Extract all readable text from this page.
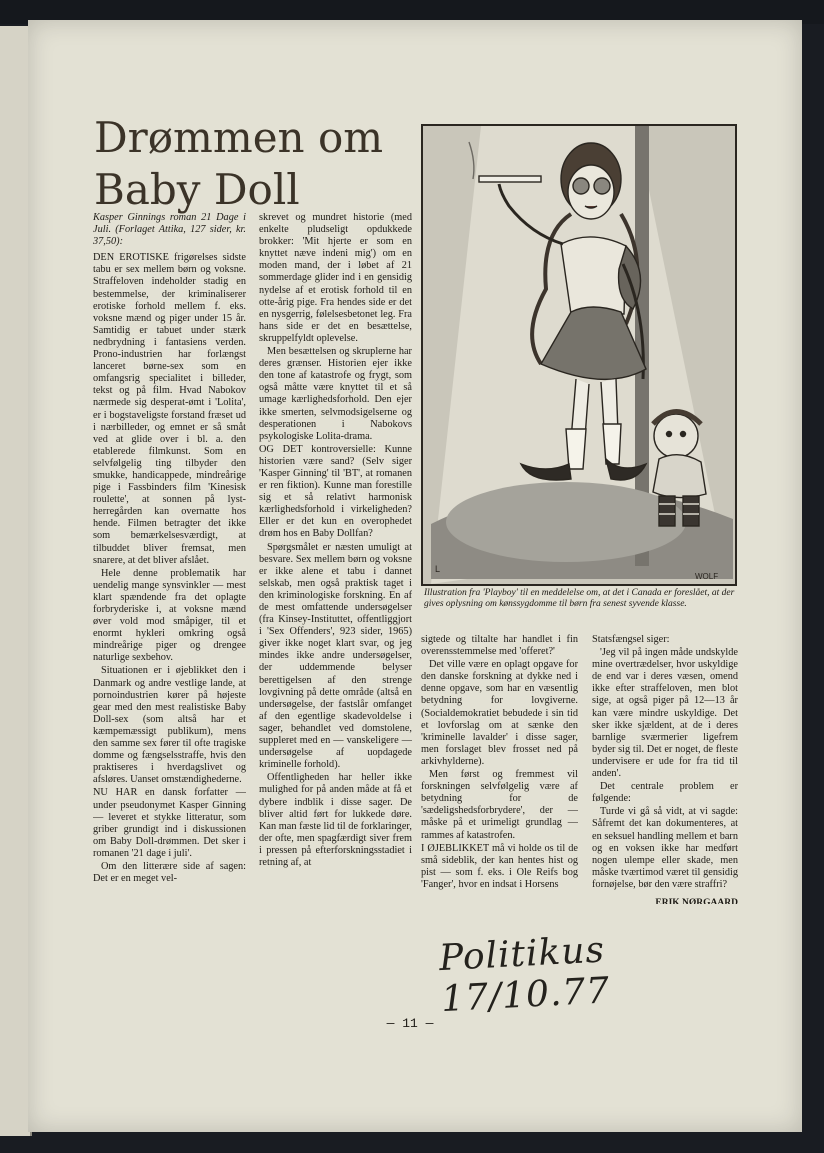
Drømmen om Baby Doll

Kasper Ginnings roman 21 Dage i Juli. (Forlaget Attika, 127 sider, kr. 37,50):

DEN EROTISKE frigørelses sidste tabu er sex mellem børn og voksne. Straffeloven indeholder stadig en bestemmelse, der kriminaliserer erotiske forhold mellem f. eks. voksne mænd og piger under 15 år. Samtidig er tabuet under stærk nedbrydning i fantasiens verden. Prono-industrien har forlængst lanceret børne-sex som en omfangsrig specialitet i billeder, tekst og på film. Hvad Nabokov nærmede sig desperat-ømt i 'Lolita', er i bogstaveligste forstand fræset ud i nærbilleder, og emnet er så småt ved at glide over i bl. a. den etablerede filmkunst. Som en selvfølgelig ting tilbyder den smukke, handicappede, mindreårige pige i Fassbinders film 'Kinesisk roulette', at sonnen på lyst-herregården kan overnatte hos hende. Filmen betragter det ikke som bemærkelsesværdigt, at tilbuddet bliver fremsat, men snarere, at det bliver afslået.

Hele denne problematik har uendelig mange synsvinkler — mest klart spændende fra det oplagte forbryderiske i, at voksne mænd øver vold mod småpiger, til et enormt hykleri omkring også mindreårige piger og drengeе naturlige sexbehov.

Situationen er i øjeblikket den i Danmark og andre vestlige lande, at pornoindustrien kører på højeste gear med den mest realistiske Baby Doll-sex (som altså har et kæmpemæssigt publikum), mens den samme sex fører til ofte tragiske domme og fængselsstraffe, hvis den praktiseres i hverdagslivet og afsløres. Uanset omstændighederne.

NU HAR en dansk forfatter — under pseudonymet Kasper Ginning — leveret et stykke litteratur, som griber grundigt ind i diskussionen om Baby Doll-drømmen. Det sker i romanen '21 dage i juli'.

Om den litterære side af sagen: Det er en meget vel-

skrevet og mundret historie (med enkelte pludseligt opdukkede brokker: 'Mit hjerte er som en knyttet næve indeni mig') om en moden mand, der i løbet af 21 sommerdage glider ind i en gensidig nydelse af et erotisk forhold til en otte-årig pige. Fra hendes side er det en nysgerrig, følelsesbetonet leg. Fra hans side er det en besættelse, skruppelfyldt oplevelse.

Men besættelsen og skruplerne har deres grænser. Historien ejer ikke den tone af katastrofe og frygt, som også måtte være knyttet til et så umage kærlighedsforhold. Den ejer ikke smerten, selvmodsigelserne og desperationen i Nabokovs psykologiske Lolita-drama.

OG DET kontroversielle: Kunne historien være sand? (Selv siger 'Kasper Ginning' til 'BT', at romanen er ren fiktion). Kunne man forestille sig et så relativt harmonisk kærlighedsforhold i virkeligheden? Eller er det kun en overophedet drøm hos en Baby Dollfan?

Spørgsmålet er næsten umuligt at besvare. Sex mellem børn og voksne er ikke alene et tabu i dannet selskab, men også praktisk taget i den kriminologiske forskning. En af de mest omfattende undersøgelser (fra Kinsey-Instituttet, offentliggjort i 'Sex Offenders', 923 sider, 1965) giver ikke noget klart svar, og jeg mindes ikke andre undersøgelser, der uddemmende belyser berettigelsen af den strenge lovgivning på dette område (altså en undersøgelse, der fastslår omfanget af den egentlige skadevoldelse i sager, behandlet ved domstolene, suppleret med en — vanskeligere — undersøgelse af uopdagede kriminelle forhold).

Offentligheden har heller ikke mulighed for på anden måde at få et dybere indblik i disse sager. De bliver altid ført for lukkede døre. Kan man fæste lid til de forklaringer, der ofte, men spagfærdigt siver frem i pressen på efterforskningsstadiet i retning af, at

L
WOLF

Illustration fra 'Playboy' til en meddelelse om, at det i Canada er foreslået, at der gives oplysning om kønssygdomme til børn fra senest syvende klasse.

sigtede og tiltalte har handlet i fin overensstemmelse med 'offeret?'

Det ville være en oplagt opgave for den danske forskning at dykke ned i denne opgave, som har en væsentlig betydning for lovgiverne. (Socialdemokratiet bebudede i sin tid et lovforslag om at sænke den 'kriminelle lavalder' i disse sager, men forslaget blev frosset ned på arkivhylderne).

Men først og fremmest vil forskningen selvfølgelig være af betydning for de 'sædeligshedsforbrydere', der — måske på et urimeligt grundlag — rammes af katastrofen.

I ØJEBLIKKET må vi holde os til de små sideblik, der kan hentes hist og pist — som f. eks. i Ole Reifs bog 'Fanger', hvor en indsat i Horsens

Statsfængsel siger:

'Jeg vil på ingen måde undskylde mine overtrædelser, hvor uskyldige de end var i deres væsen, omend ikke efter straffeloven, men blot sige, at også piger på 12—13 år kan være mindre uskyldige. Det sker ikke sjældent, at de i deres barnlige sværmerier ligefrem byder sig til. Det er noget, de fleste undervisere er ude for fra tid til anden'.

Det centrale problem er følgende:

Turde vi gå så vidt, at vi sagde: Såfremt det kan dokumenteres, at en seksuel handling mellem et barn og en voksen ikke har medført nogen ulempe eller skade, men måske tværtimod været til gensidig fornøjelse, bør den være straffri?

ERIK NØRGAARD

Politikus 17/10.77

— 11 —
